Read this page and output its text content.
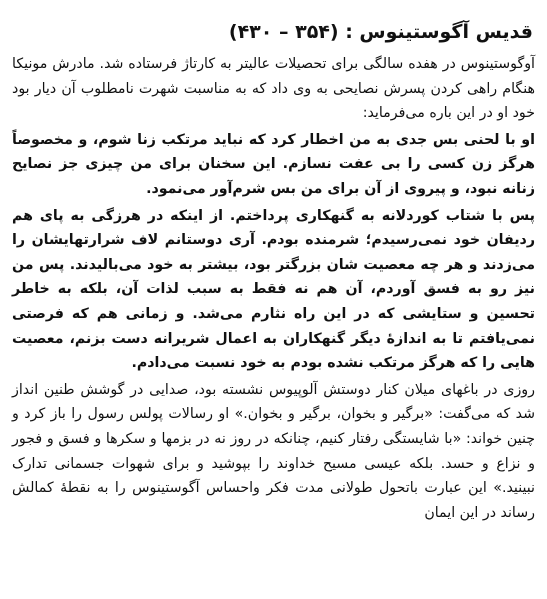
قدیس آگوستینوس : (۳۵۴ – ۴۳۰)

آوگوستینوس در هفده سالگی برای تحصیلات عالیتر به کارتاژ فرستاده شد. مادرش مونیکا هنگام راهی کردن پسرش نصایحی به وی داد که به مناسبت شهرت نامطلوب آن دیار بود خود او در این باره می‌فرماید:

او با لحنی بس جدی به من اخطار کرد که نباید مرتکب زنا شوم، و مخصوصاً هرگز زن کسی را بی عفت نسازم. این سخنان برای من چیزی جز نصایح زنانه نبود، و پیروی از آن برای من بس شرم‌آور می‌نمود.

پس با شتاب کوردلانه به گنهکاری پرداختم. از اینکه در هرزگی به پای هم ردیفان خود نمی‌رسیدم؛ شرمنده بودم. آری دوستانم لاف شرارتهایشان را می‌زدند و هر چه معصیت شان بزرگتر بود، بیشتر به خود می‌بالیدند. پس من نیز رو به فسق آوردم، آن هم نه فقط به سبب لذات آن، بلکه به خاطر تحسین و ستایشی که در این راه نثارم می‌شد. و زمانی هم که فرصتی نمی‌یافتم تا به اندازهٔ دیگر گنهکاران به اعمال شریرانه دست بزنم، معصیت هایی را که هرگز مرتکب نشده بودم به خود نسبت می‌دادم.

روزی در باغهای میلان کنار دوستش آلوپیوس نشسته بود، صدایی در گوشش طنین انداز شد که می‌گفت: «برگیر و بخوان، برگیر و بخوان.» او رسالات پولس رسول را باز کرد و چنین خواند: «با شایستگی رفتار کنیم، چنانکه در روز نه در بزمها و سکرها و فسق و فجور و نزاع و حسد. بلکه عیسی مسیح خداوند را بپوشید و برای شهوات جسمانی تدارک نبینید.» این عبارت باتحول طولانی مدت فکر واحساس آگوستینوس را به نقطهٔ کمالش رساند در این ایمان
